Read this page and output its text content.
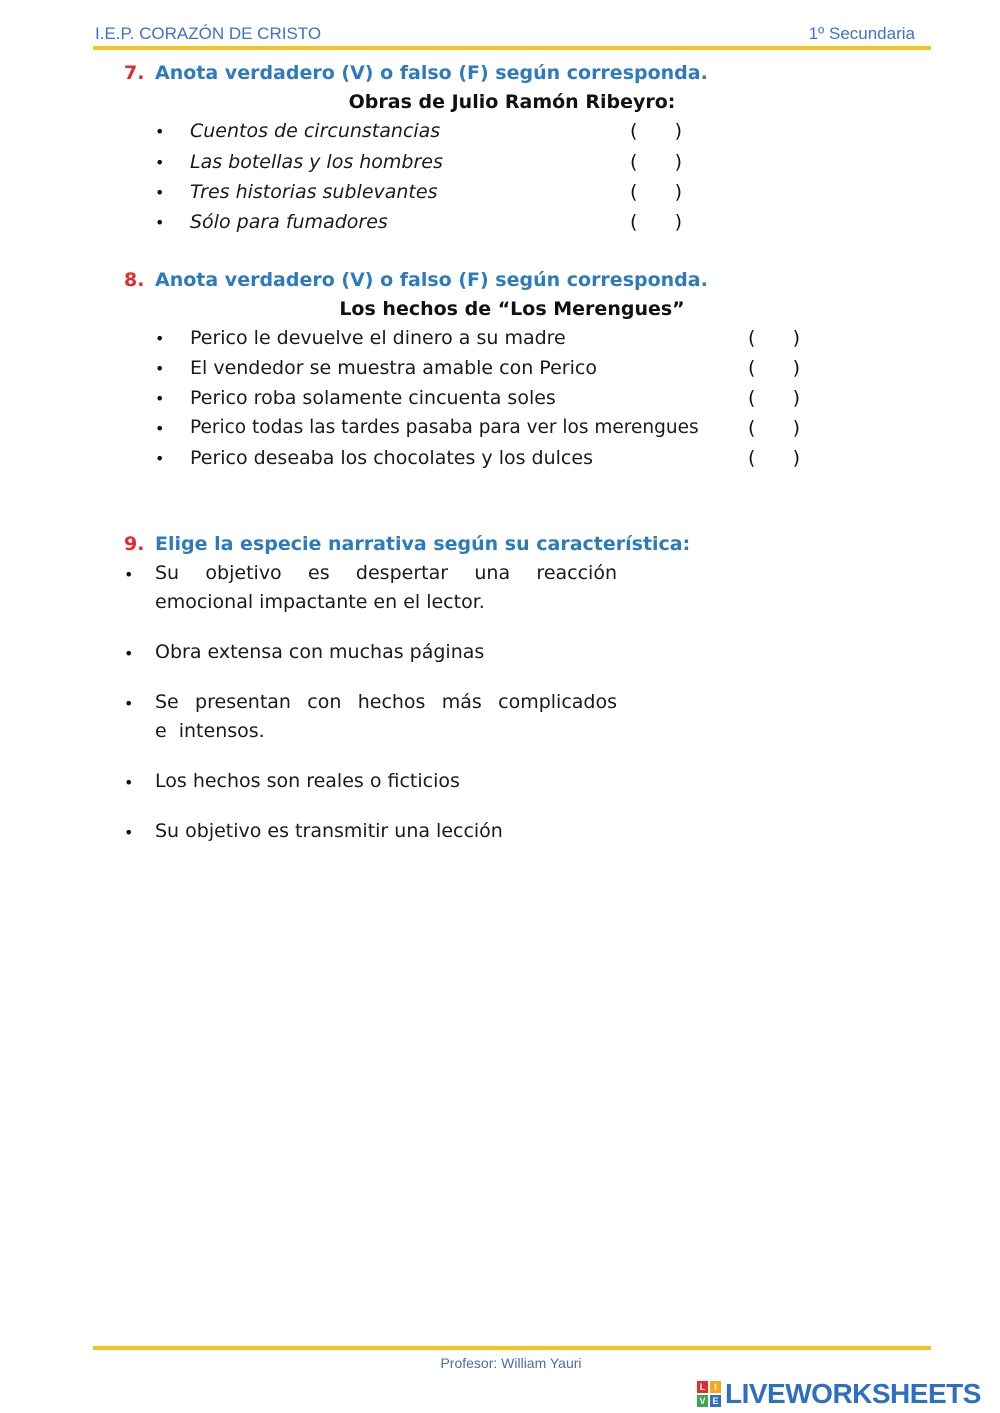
I.E.P. CORAZÓN DE CRISTO	1º Secundaria
7. Anota verdadero (V) o falso (F) según corresponda.
Obras de Julio Ramón Ribeyro:
• Cuentos de circunstancias	( )
• Las botellas y los hombres	( )
• Tres historias sublevantes	( )
• Sólo para fumadores	( )
8. Anota verdadero (V) o falso (F) según corresponda.
Los hechos de “Los Merengues”
• Perico le devuelve el dinero a su madre	( )
• El vendedor se muestra amable con Perico	( )
• Perico roba solamente cincuenta soles	( )
• Perico todas las tardes pasaba para ver los merengues	( )
• Perico deseaba los chocolates y los dulces	( )
9. Elige la especie narrativa según su característica:
• Su objetivo es despertar una reacción emocional impactante en el lector.
• Obra extensa con muchas páginas
• Se presentan con hechos más complicados e intensos.
• Los hechos son reales o ficticios
• Su objetivo es transmitir una lección
Profesor: William Yauri
L I
V E LIVEWORKSHEETS
